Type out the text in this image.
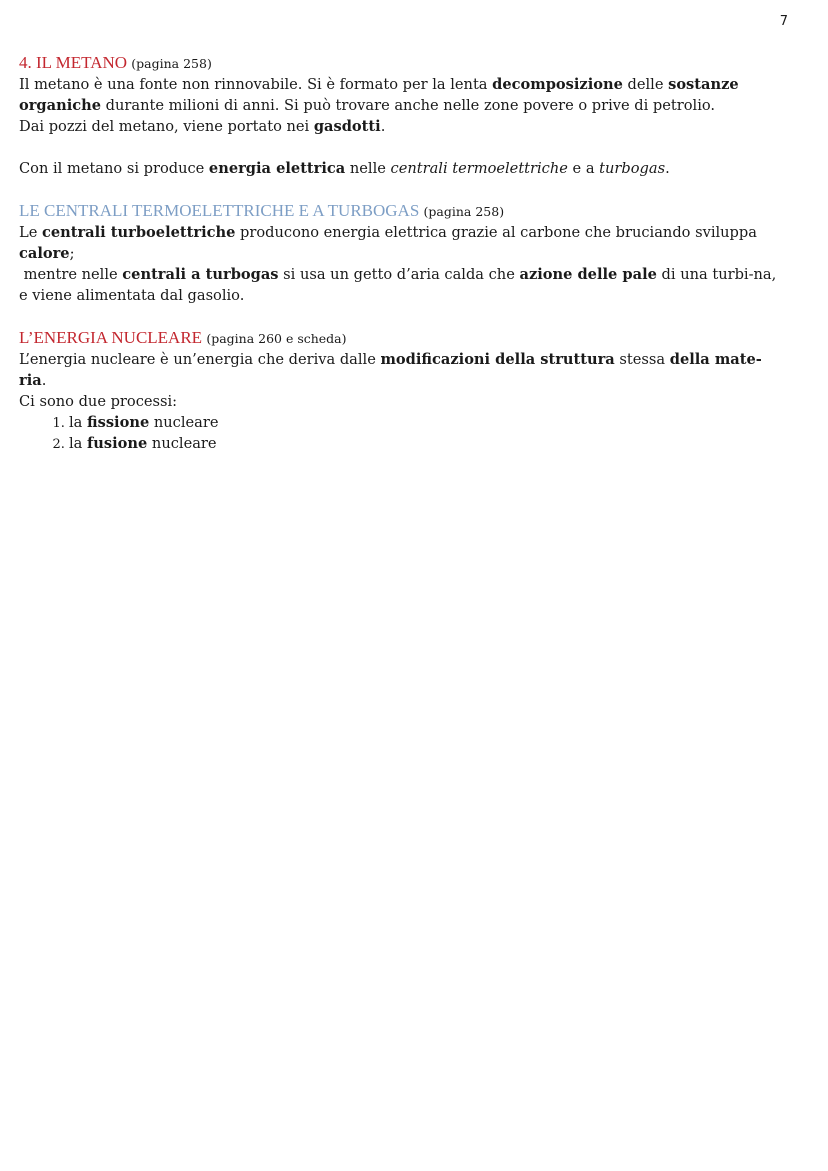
7
4. IL METANO (pagina 258)

Il metano è una fonte non rinnovabile. Si è formato per la lenta decomposizione delle sostanze organiche durante milioni di anni. Si può trovare anche nelle zone povere o prive di petrolio.

Dai pozzi del metano, viene portato nei gasdotti.

Con il metano si produce energia elettrica nelle centrali termoelettriche e a turbogas.

LE CENTRALI TERMOELETTRICHE E A TURBOGAS (pagina 258)

Le centrali turboelettriche producono energia elettrica grazie al carbone che bruciando sviluppa calore;

mentre nelle centrali a turbogas si usa un getto d’aria calda che azione delle pale di una turbi-na, e viene alimentata dal gasolio.

L’ENERGIA NUCLEARE (pagina 260 e scheda)

L’energia nucleare è un’energia che deriva dalle modificazioni della struttura stessa della mate-ria.

Ci sono due processi:

1. la fissione nucleare
2. la fusione nucleare
